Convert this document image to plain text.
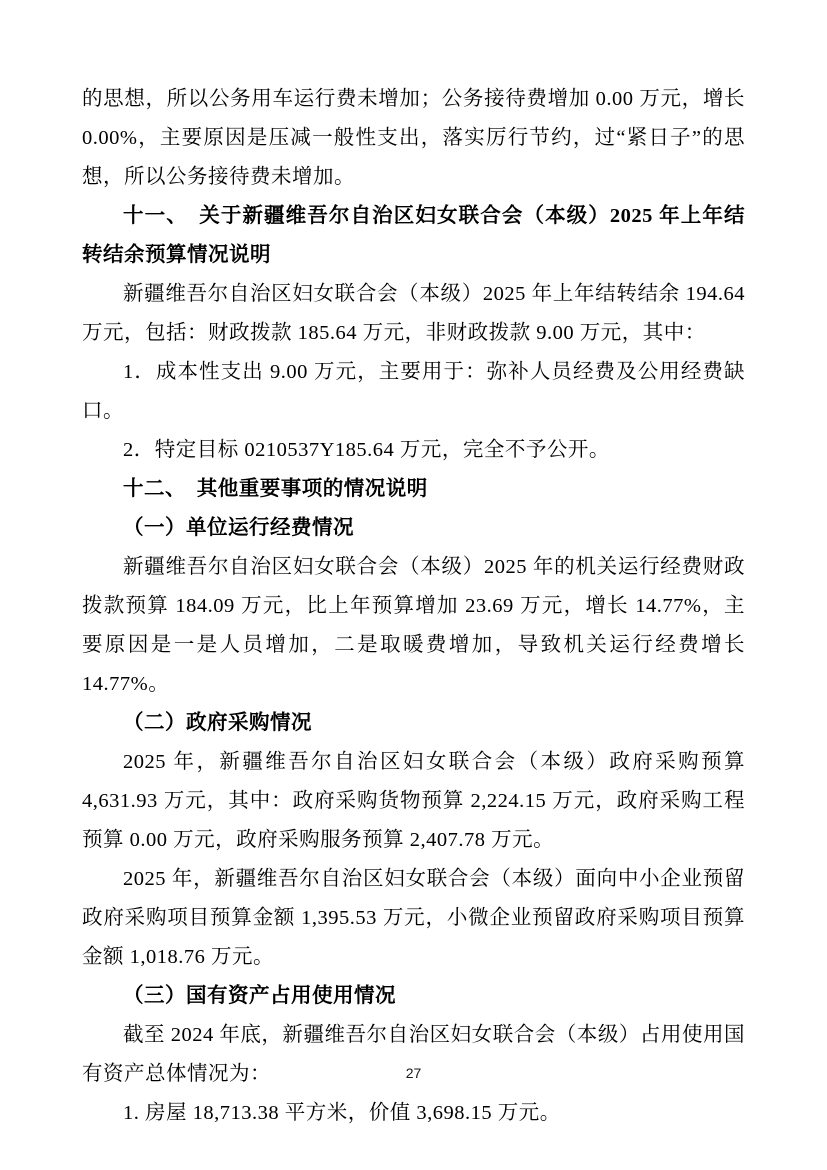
的思想，所以公务用车运行费未增加；公务接待费增加 0.00 万元，增长 0.00%，主要原因是压减一般性支出，落实厉行节约，过“紧日子”的思想，所以公务接待费未增加。

十一、　关于新疆维吾尔自治区妇女联合会（本级）2025 年上年结转结余预算情况说明

新疆维吾尔自治区妇女联合会（本级）2025 年上年结转结余 194.64 万元，包括：财政拨款 185.64 万元，非财政拨款 9.00 万元，其中：

1．成本性支出 9.00 万元，主要用于：弥补人员经费及公用经费缺口。

2．特定目标 0210537Y185.64 万元，完全不予公开。

十二、　其他重要事项的情况说明

（一）单位运行经费情况

新疆维吾尔自治区妇女联合会（本级）2025 年的机关运行经费财政拨款预算 184.09 万元，比上年预算增加 23.69 万元，增长 14.77%，主要原因是一是人员增加，二是取暖费增加，导致机关运行经费增长 14.77%。

（二）政府采购情况

2025 年，新疆维吾尔自治区妇女联合会（本级）政府采购预算 4,631.93 万元，其中：政府采购货物预算 2,224.15 万元，政府采购工程预算 0.00 万元，政府采购服务预算 2,407.78 万元。

2025 年，新疆维吾尔自治区妇女联合会（本级）面向中小企业预留政府采购项目预算金额 1,395.53 万元，小微企业预留政府采购项目预算金额 1,018.76 万元。

（三）国有资产占用使用情况

截至 2024 年底，新疆维吾尔自治区妇女联合会（本级）占用使用国有资产总体情况为：

1. 房屋 18,713.38 平方米，价值 3,698.15 万元。

27
